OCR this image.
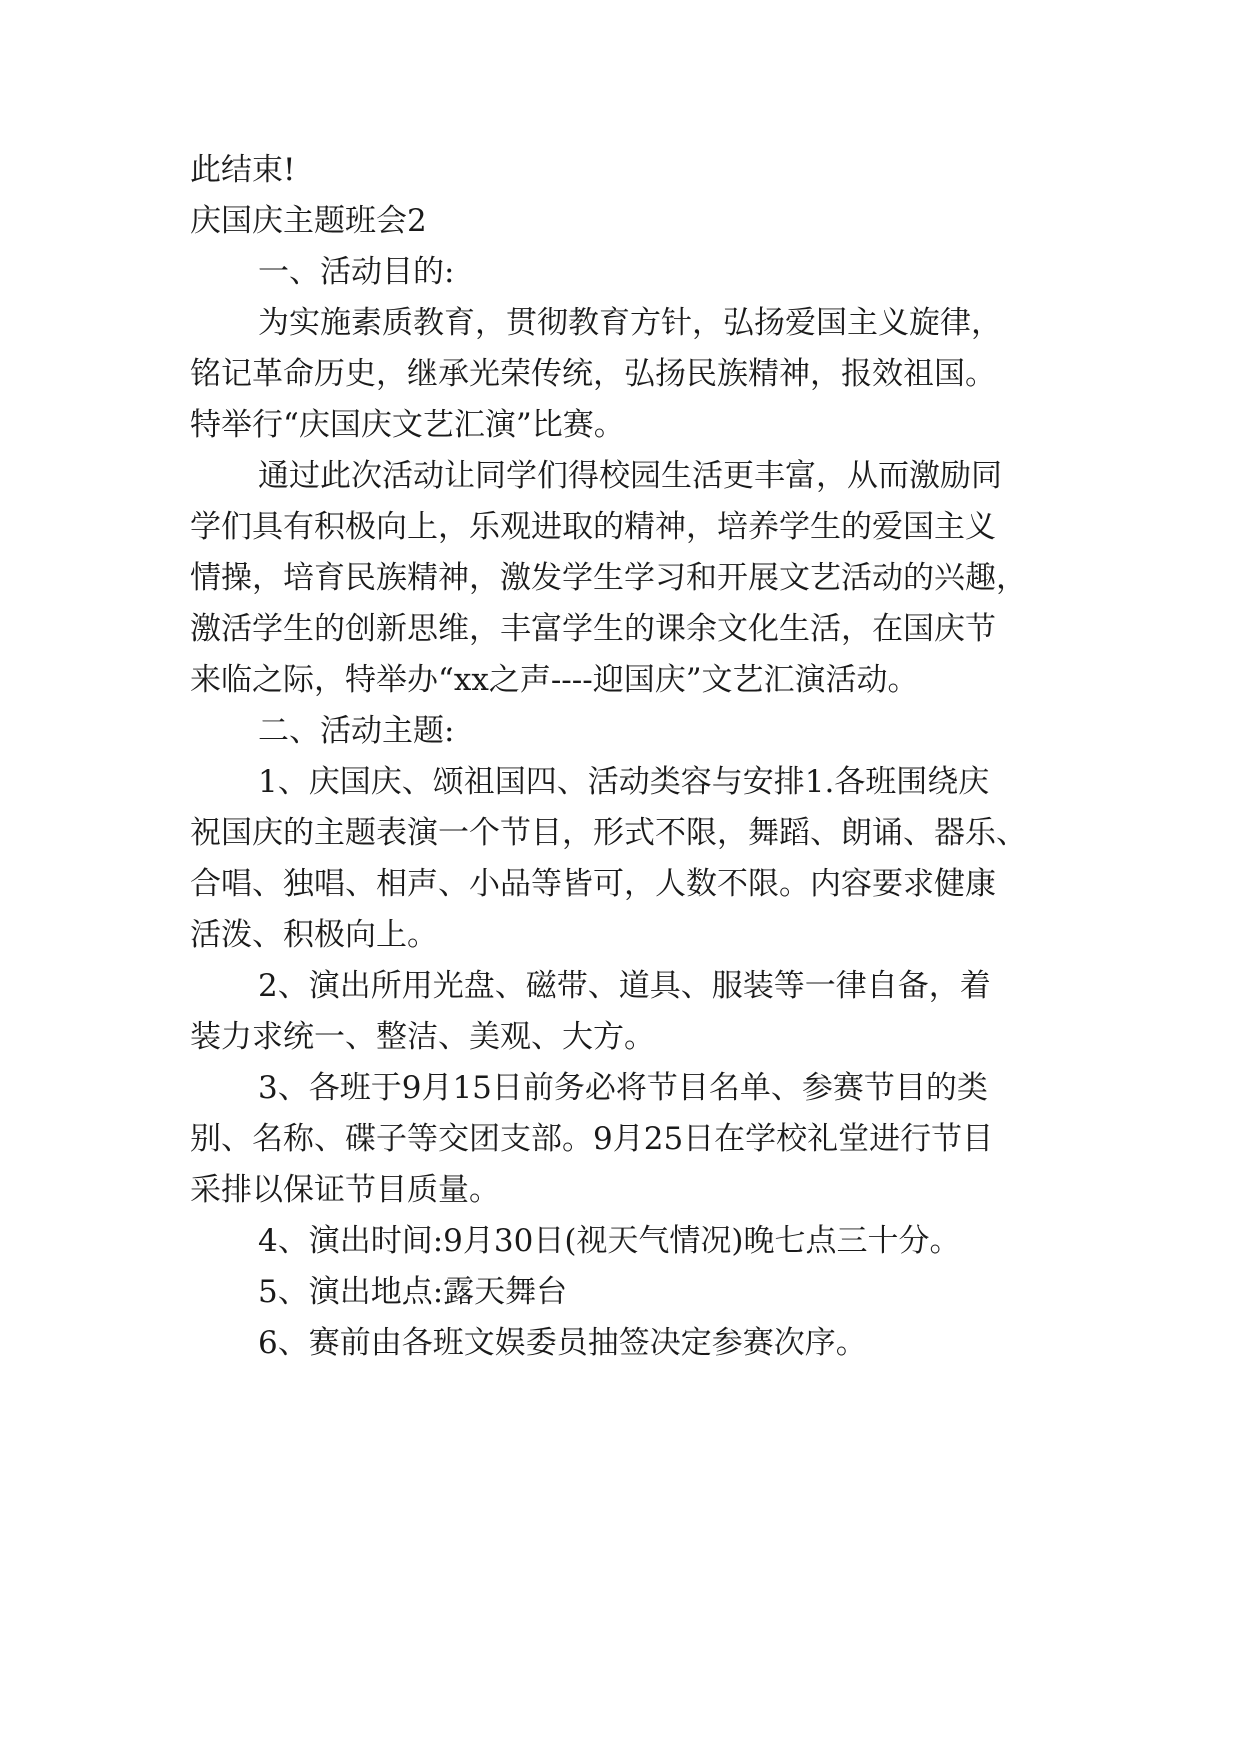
此结束!
庆国庆主题班会2
一、活动目的:
为实施素质教育，贯彻教育方针，弘扬爱国主义旋律，
铭记革命历史，继承光荣传统，弘扬民族精神，报效祖国。
特举行“庆国庆文艺汇演”比赛。
通过此次活动让同学们得校园生活更丰富，从而激励同
学们具有积极向上，乐观进取的精神，培养学生的爱国主义
情操，培育民族精神，激发学生学习和开展文艺活动的兴趣，
激活学生的创新思维，丰富学生的课余文化生活，在国庆节
来临之际，特举办“xx之声----迎国庆”文艺汇演活动。
二、活动主题:
1、庆国庆、颂祖国四、活动类容与安排1.各班围绕庆
祝国庆的主题表演一个节目，形式不限，舞蹈、朗诵、器乐、
合唱、独唱、相声、小品等皆可，人数不限。内容要求健康
活泼、积极向上。
2、演出所用光盘、磁带、道具、服装等一律自备，着
装力求统一、整洁、美观、大方。
3、各班于9月15日前务必将节目名单、参赛节目的类
别、名称、碟子等交团支部。9月25日在学校礼堂进行节目
采排以保证节目质量。
4、演出时间:9月30日(视天气情况)晚七点三十分。
5、演出地点:露天舞台
6、赛前由各班文娱委员抽签决定参赛次序。
